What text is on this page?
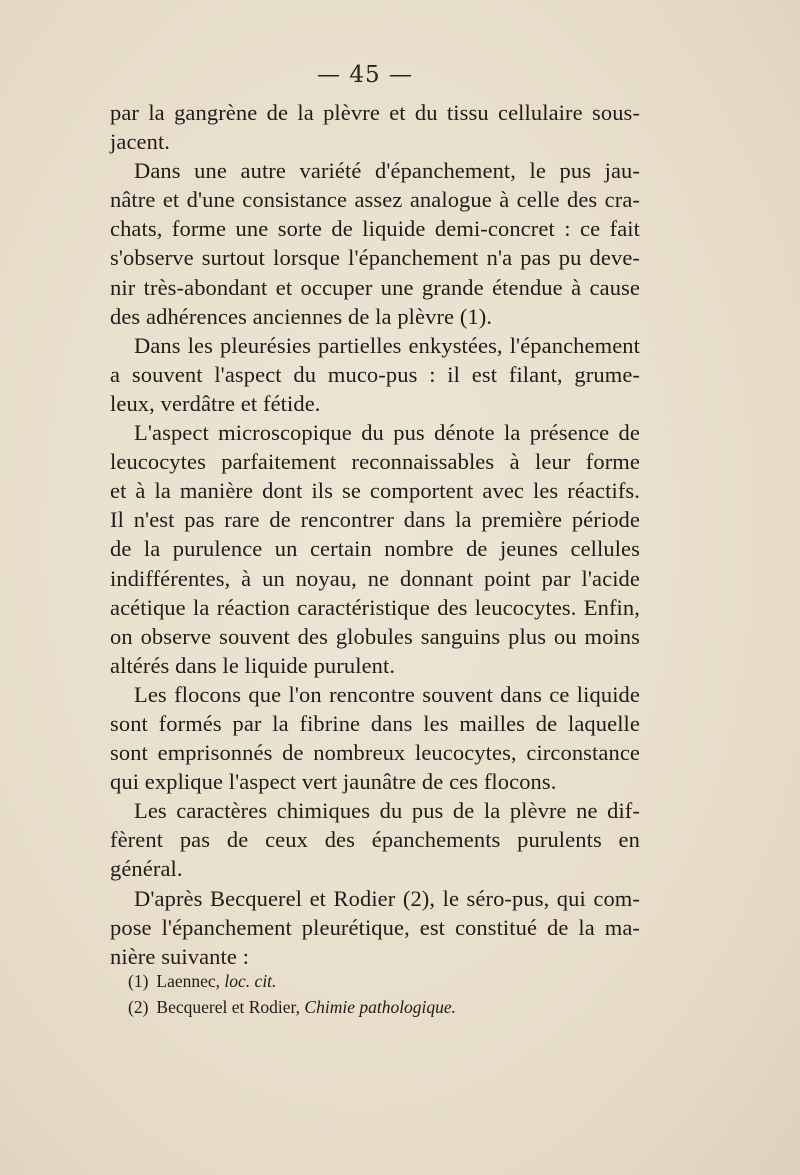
— 45 —
par la gangrène de la plèvre et du tissu cellulaire sous-
jacent.
Dans une autre variété d'épanchement, le pus jau-
nâtre et d'une consistance assez analogue à celle des cra-
chats, forme une sorte de liquide demi-concret : ce fait
s'observe surtout lorsque l'épanchement n'a pas pu deve-
nir très-abondant et occuper une grande étendue à cause
des adhérences anciennes de la plèvre (1).
Dans les pleurésies partielles enkystées, l'épanchement
a souvent l'aspect du muco-pus : il est filant, grume-
leux, verdâtre et fétide.
L'aspect microscopique du pus dénote la présence de
leucocytes parfaitement reconnaissables à leur forme
et à la manière dont ils se comportent avec les réactifs.
Il n'est pas rare de rencontrer dans la première période
de la purulence un certain nombre de jeunes cellules
indifférentes, à un noyau, ne donnant point par l'acide
acétique la réaction caractéristique des leucocytes. Enfin,
on observe souvent des globules sanguins plus ou moins
altérés dans le liquide purulent.
Les flocons que l'on rencontre souvent dans ce liquide
sont formés par la fibrine dans les mailles de laquelle
sont emprisonnés de nombreux leucocytes, circonstance
qui explique l'aspect vert jaunâtre de ces flocons.
Les caractères chimiques du pus de la plèvre ne dif-
fèrent pas de ceux des épanchements purulents en
général.
D'après Becquerel et Rodier (2), le séro-pus, qui com-
pose l'épanchement pleurétique, est constitué de la ma-
nière suivante :
(1) Laennec, loc. cit.
(2) Becquerel et Rodier, Chimie pathologique.
